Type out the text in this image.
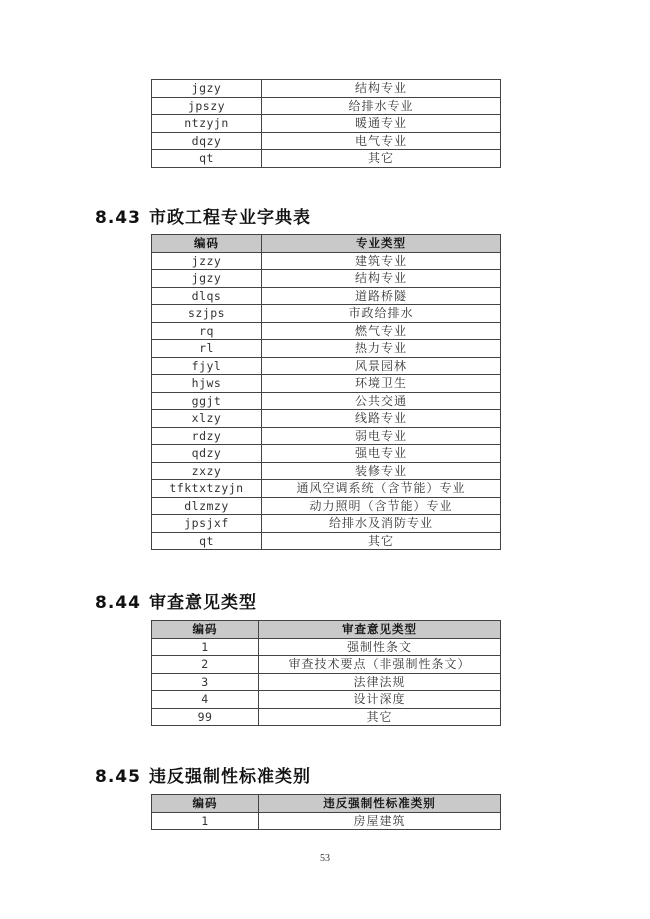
jgzy	结构专业
jpszy	给排水专业
ntzyjn	暖通专业
dqzy	电气专业
qt	其它
8.43 市政工程专业字典表
编码	专业类型
jzzy	建筑专业
jgzy	结构专业
dlqs	道路桥隧
szjps	市政给排水
rq	燃气专业
rl	热力专业
fjyl	风景园林
hjws	环境卫生
ggjt	公共交通
xlzy	线路专业
rdzy	弱电专业
qdzy	强电专业
zxzy	装修专业
tfktxtzyjn	通风空调系统（含节能）专业
dlzmzy	动力照明（含节能）专业
jpsjxf	给排水及消防专业
qt	其它
8.44 审查意见类型
编码	审查意见类型
1	强制性条文
2	审查技术要点（非强制性条文）
3	法律法规
4	设计深度
99	其它
8.45 违反强制性标准类别
编码	违反强制性标准类别
1	房屋建筑
53
